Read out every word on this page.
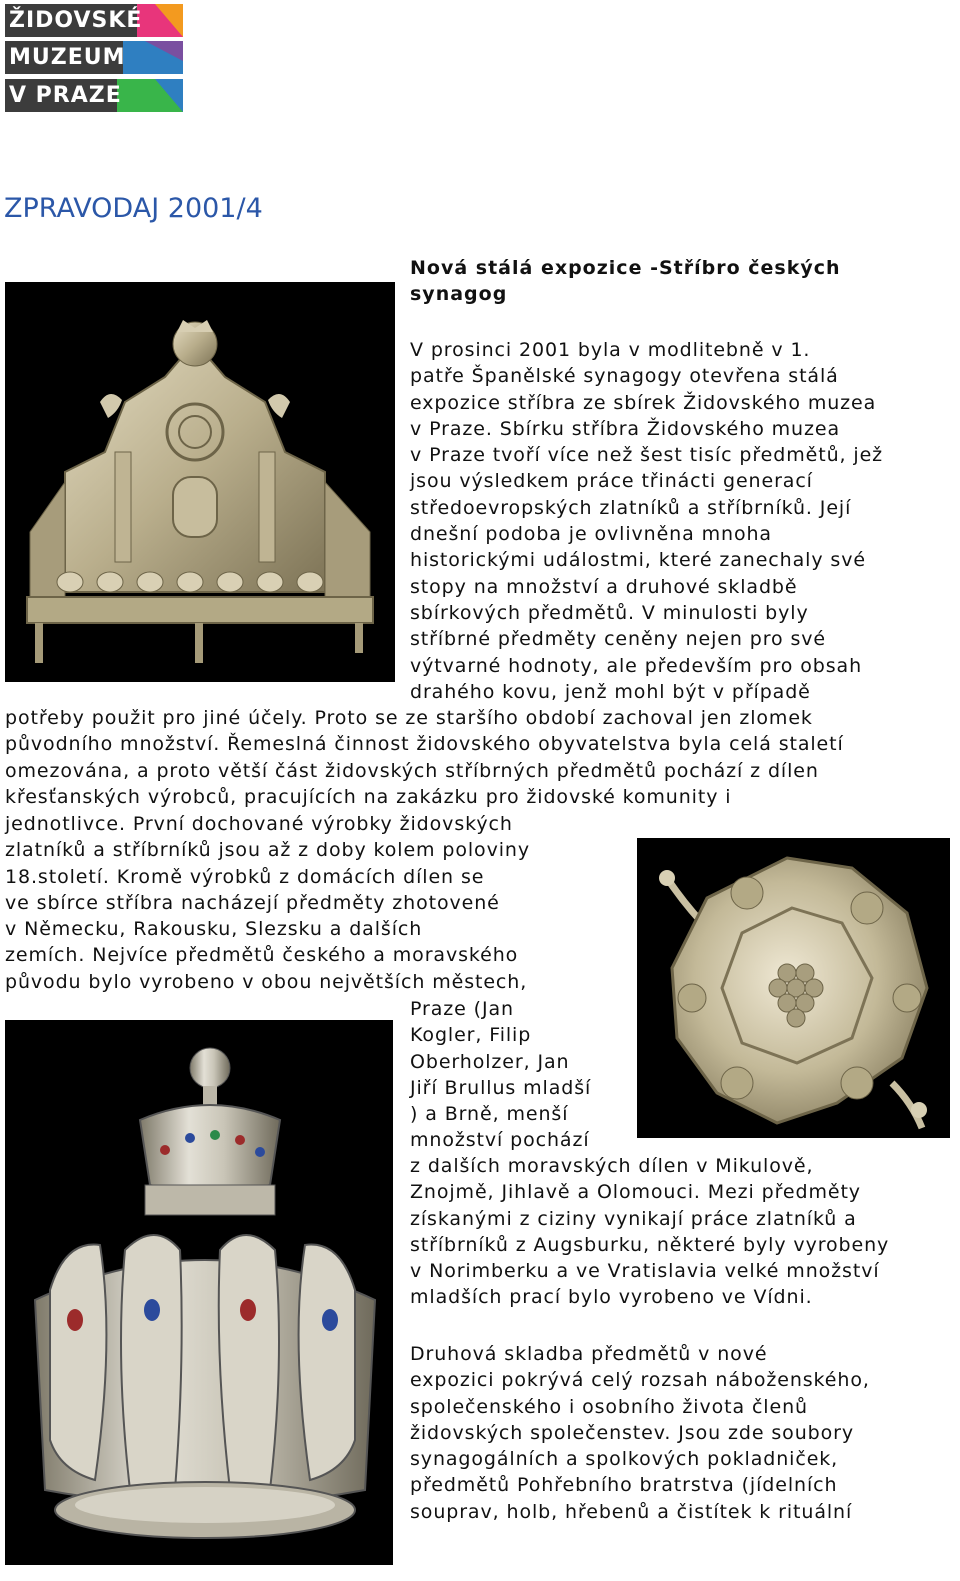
ŽIDOVSKÉ
MUZEUM
V PRAZE
ZPRAVODAJ 2001/4
Nová stálá expozice -Stříbro českých synagog

V prosinci 2001 byla v modlitebně v 1.
patře Španělské synagogy otevřena stálá
expozice stříbra ze sbírek Židovského muzea
v Praze. Sbírku stříbra Židovského muzea
v Praze tvoří více než šest tisíc předmětů, jež
jsou výsledkem práce třinácti generací
středoevropských zlatníků a stříbrníků. Její
dnešní podoba je ovlivněna mnoha
historickými událostmi, které zanechaly své
stopy na množství a druhové skladbě
sbírkových předmětů. V minulosti byly
stříbrné předměty ceněny nejen pro své
výtvarné hodnoty, ale především pro obsah
drahého kovu, jenž mohl být v případě

potřeby použit pro jiné účely. Proto se ze staršího období zachoval jen zlomek
původního množství. Řemeslná činnost židovského obyvatelstva byla celá staletí
omezována, a proto větší část židovských stříbrných předmětů pochází z dílen
křesťanských výrobců, pracujících na zakázku pro židovské komunity i

jednotlivce. První dochované výrobky židovských
zlatníků a stříbrníků jsou až z doby kolem poloviny
18.století. Kromě výrobků z domácích dílen se
ve sbírce stříbra nacházejí předměty zhotovené
v Německu, Rakousku, Slezsku a dalších
zemích. Nejvíce předmětů českého a moravského
původu bylo vyrobeno v obou největších městech,

Praze (Jan
Kogler, Filip
Oberholzer, Jan
Jiří Brullus mladší
) a Brně, menší
množství pochází

z dalších moravských dílen v Mikulově,
Znojmě, Jihlavě a Olomouci. Mezi předměty
získanými z ciziny vynikají práce zlatníků a
stříbrníků z Augsburku, některé byly vyrobeny
v Norimberku a ve Vratislavia velké množství
mladších prací bylo vyrobeno ve Vídni.

Druhová skladba předmětů v nové
expozici pokrývá celý rozsah náboženského,
společenského i osobního života členů
židovských společenstev. Jsou zde soubory
synagogálních a spolkových pokladniček,
předmětů Pohřebního bratrstva (jídelních
souprav, holb, hřebenů a čistítek k rituální
